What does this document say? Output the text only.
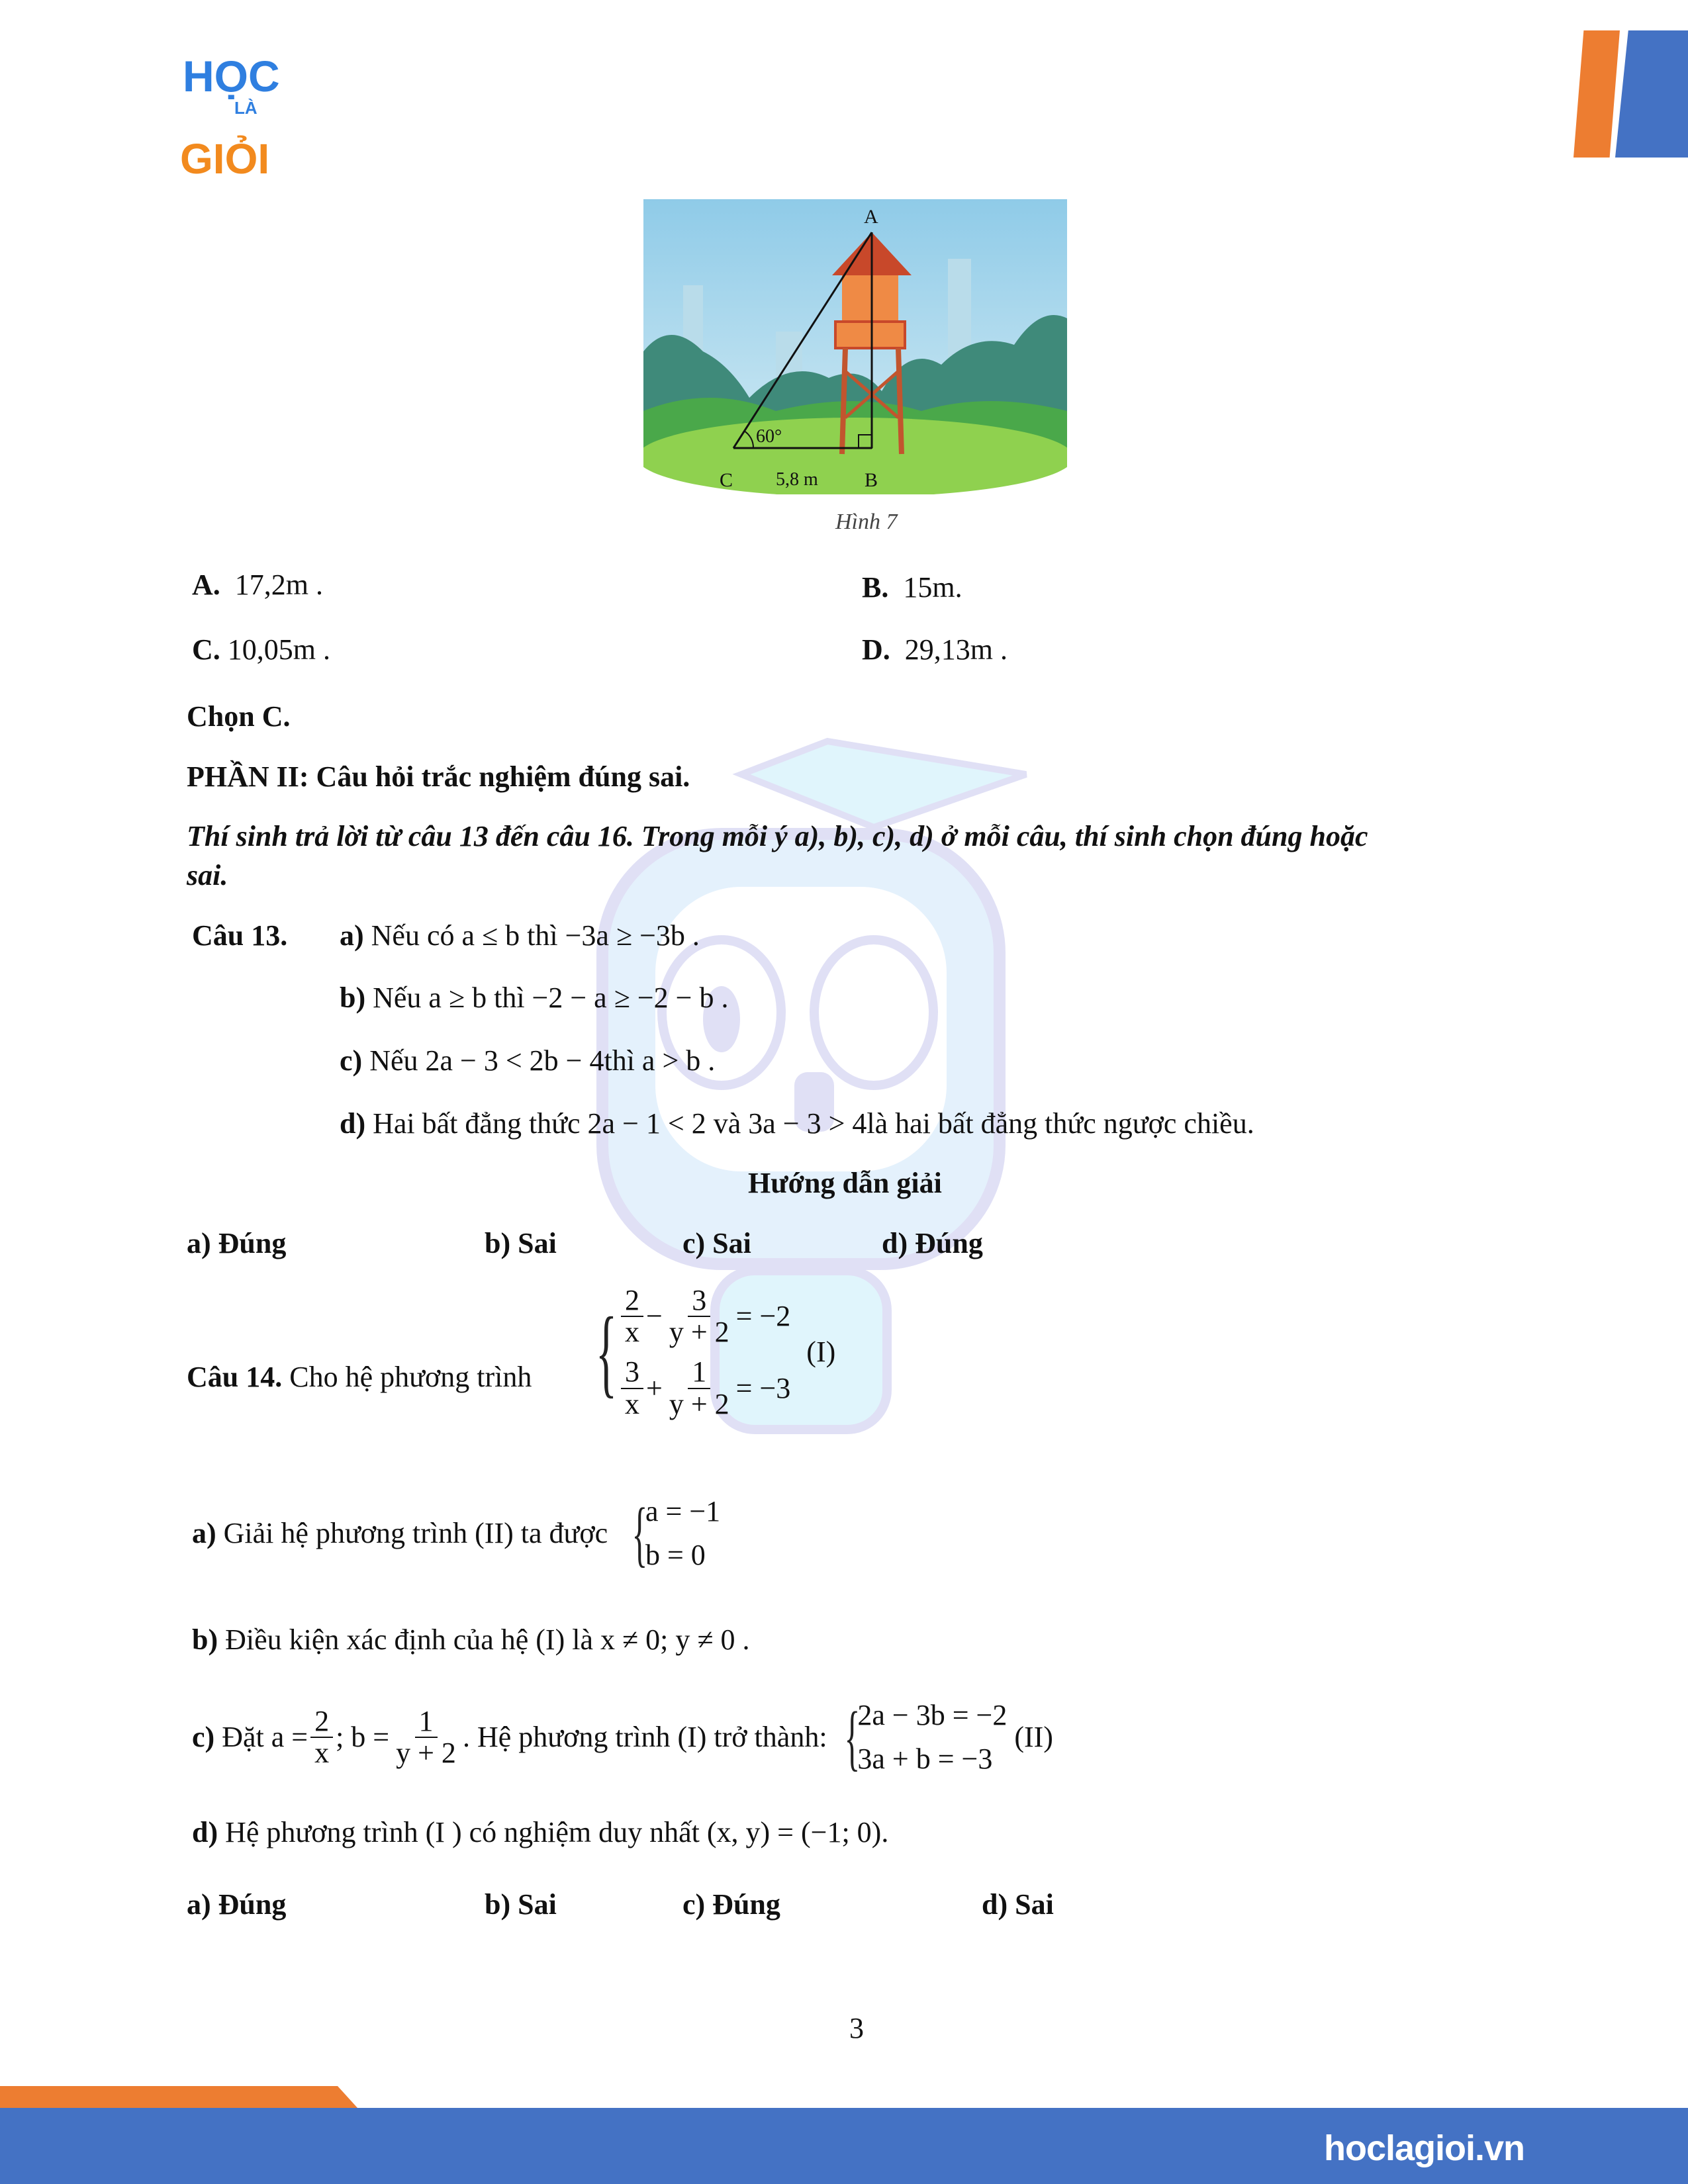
HỌC
LÀ
GIỎI
A
C	B
60°
5,8 m
Hình 7
A. 17,2m .	B. 15m.
C. 10,05m .	D. 29,13m .
Chọn C.
PHẦN II: Câu hỏi trắc nghiệm đúng sai.
Thí sinh trả lời từ câu 13 đến câu 16. Trong mỗi ý a), b), c), d) ở mỗi câu, thí sinh chọn đúng hoặc
sai.
Câu 13. a) Nếu có a ≤ b thì −3a ≥ −3b .
b) Nếu a ≥ b thì −2 − a ≥ −2 − b .
c) Nếu 2a − 3 < 2b − 4thì a > b .
d) Hai bất đẳng thức 2a − 1 < 2 và 3a − 3 > 4là hai bất đẳng thức ngược chiều.
Hướng dẫn giải
a) Đúng	b) Sai	c) Sai	d) Đúng
Câu 14. Cho hệ phương trình { $\frac{2}{x} - \frac{3}{y + 2} = -2$
$\frac{3}{x} + \frac{1}{y + 2} = -3$
(I)
a)
Giải hệ phương trình (II) ta được
{
a = −1
b = 0
b) Điều kiện xác định của hệ (I) là x ≠ 0; y ≠ 0 .
c)
Đặt $a = \frac{2}{x}$ ; $b = \frac{1}{y + 2}$ . Hệ phương trình (I) trở thành:
{
2a − 3b = −2
3a + b = −3

(II)
d) Hệ phương trình (I ) có nghiệm duy nhất (x, y) = (−1; 0).
a) Đúng	b) Sai	c) Đúng	d) Sai
3
hoclagioi.vn
